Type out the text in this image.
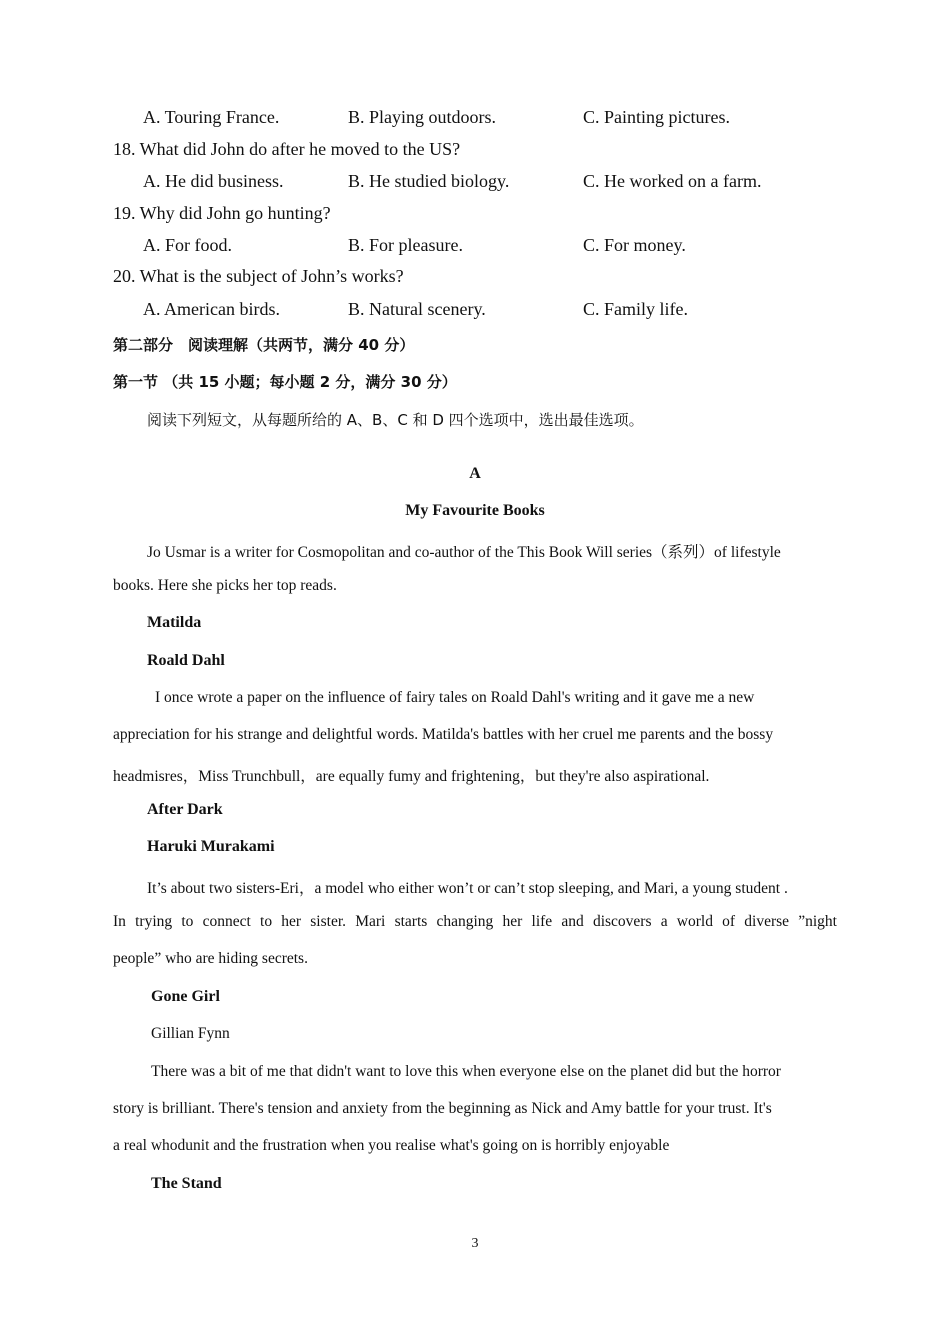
A. Touring France.	B. Playing outdoors.	C. Painting pictures.
18. What did John do after he moved to the US?
A. He did business.	B. He studied biology.	C. He worked on a farm.
19. Why did John go hunting?
A. For food.	B. For pleasure.	C. For money.
20. What is the subject of John’s works?
A. American birds.	B. Natural scenery.	C. Family life.
第二部分　阅读理解（共两节，满分 40 分）
第一节 （共 15 小题；每小题 2 分，满分 30 分）
阅读下列短文，从每题所给的 A、B、C 和 D 四个选项中，选出最佳选项。
A
My Favourite Books
Jo Usmar is a writer for Cosmopolitan and co-author of the This Book Will series（系列）of lifestyle
books. Here she picks her top reads.
Matilda
Roald Dahl
I once wrote a paper on the influence of fairy tales on Roald Dahl's writing and it gave me a new
appreciation for his strange and delightful words. Matilda's battles with her cruel me parents and the bossy
headmisres，Miss Trunchbull，are equally fumy and frightening，but they're also aspirational.
After Dark
Haruki Murakami
It’s about two sisters-Eri，a model who either won’t or can’t stop sleeping, and Mari, a young student .
In trying to connect to her sister. Mari starts changing her life and discovers a world of diverse ”night
people” who are hiding secrets.
Gone Girl
Gillian Fynn
There was a bit of me that didn't want to love this when everyone else on the planet did but the horror
story is brilliant. There's tension and anxiety from the beginning as Nick and Amy battle for your trust. It's
a real whodunit and the frustration when you realise what's going on is horribly enjoyable
The Stand
3
